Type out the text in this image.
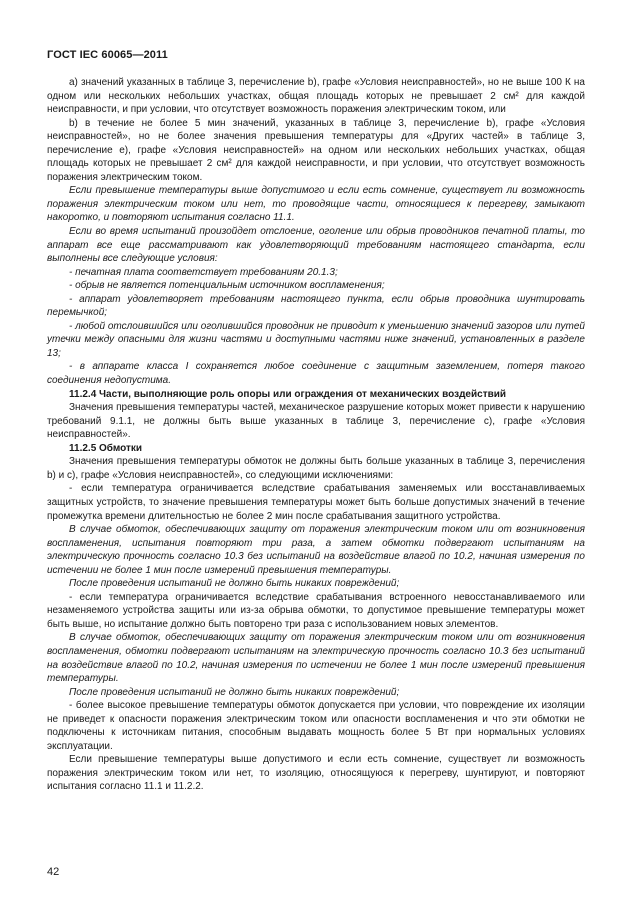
ГОСТ IEC 60065—2011

а) значений указанных в таблице 3, перечисление b), графе «Условия неисправностей», но не выше 100 К на одном или нескольких небольших участках, общая площадь которых не превышает 2 см² для каждой неисправности, и при условии, что отсутствует возможность поражения электрическим током, или

b) в течение не более 5 мин значений, указанных в таблице 3, перечисление b), графе «Условия неисправностей», но не более значения превышения температуры для «Других частей» в таблице 3, перечисление e), графе «Условия неисправностей» на одном или нескольких небольших участках, общая площадь которых не превышает 2 см² для каждой неисправности, и при условии, что отсутствует возможность поражения электрическим током.

Если превышение температуры выше допустимого и если есть сомнение, существует ли возможность поражения электрическим током или нет, то проводящие части, относящиеся к перегреву, замыкают накоротко, и повторяют испытания согласно 11.1.

Если во время испытаний произойдет отслоение, оголение или обрыв проводников печатной платы, то аппарат все еще рассматривают как удовлетворяющий требованиям настоящего стандарта, если выполнены все следующие условия:

- печатная плата соответствует требованиям 20.1.3;

- обрыв не является потенциальным источником воспламенения;

- аппарат удовлетворяет требованиям настоящего пункта, если обрыв проводника шунтировать перемычкой;

- любой отслоившийся или оголившийся проводник не приводит к уменьшению значений зазоров или путей утечки между опасными для жизни частями и доступными частями ниже значений, установленных в разделе 13;

- в аппарате класса I сохраняется любое соединение с защитным заземлением, потеря такого соединения недопустима.

11.2.4 Части, выполняющие роль опоры или ограждения от механических воздействий

Значения превышения температуры частей, механическое разрушение которых может привести к нарушению требований 9.1.1, не должны быть выше указанных в таблице 3, перечисление с), графе «Условия неисправностей».

11.2.5 Обмотки

Значения превышения температуры обмоток не должны быть больше указанных в таблице 3, перечисления b) и с), графе «Условия неисправностей», со следующими исключениями:

- если температура ограничивается вследствие срабатывания заменяемых или восстанавливаемых защитных устройств, то значение превышения температуры может быть больше допустимых значений в течение промежутка времени длительностью не более 2 мин после срабатывания защитного устройства.

В случае обмоток, обеспечивающих защиту от поражения электрическим током или от возникновения воспламенения, испытания повторяют три раза, а затем обмотки подвергают испытаниям на электрическую прочность согласно 10.3 без испытаний на воздействие влагой по 10.2, начиная измерения по истечении не более 1 мин после измерений превышения температуры.

После проведения испытаний не должно быть никаких повреждений;

- если температура ограничивается вследствие срабатывания встроенного невосстанавливаемого или незаменяемого устройства защиты или из-за обрыва обмотки, то допустимое превышение температуры может быть выше, но испытание должно быть повторено три раза с использованием новых элементов.

В случае обмоток, обеспечивающих защиту от поражения электрическим током или от возникновения воспламенения, обмотки подвергают испытаниям на электрическую прочность согласно 10.3 без испытаний на воздействие влагой по 10.2, начиная измерения по истечении не более 1 мин после измерений превышения температуры.

После проведения испытаний не должно быть никаких повреждений;

- более высокое превышение температуры обмоток допускается при условии, что повреждение их изоляции не приведет к опасности поражения электрическим током или опасности воспламенения и что эти обмотки не подключены к источникам питания, способным выдавать мощность более 5 Вт при нормальных условиях эксплуатации.

Если превышение температуры выше допустимого и если есть сомнение, существует ли возможность поражения электрическим током или нет, то изоляцию, относящуюся к перегреву, шунтируют, и повторяют испытания согласно 11.1 и 11.2.2.

42
